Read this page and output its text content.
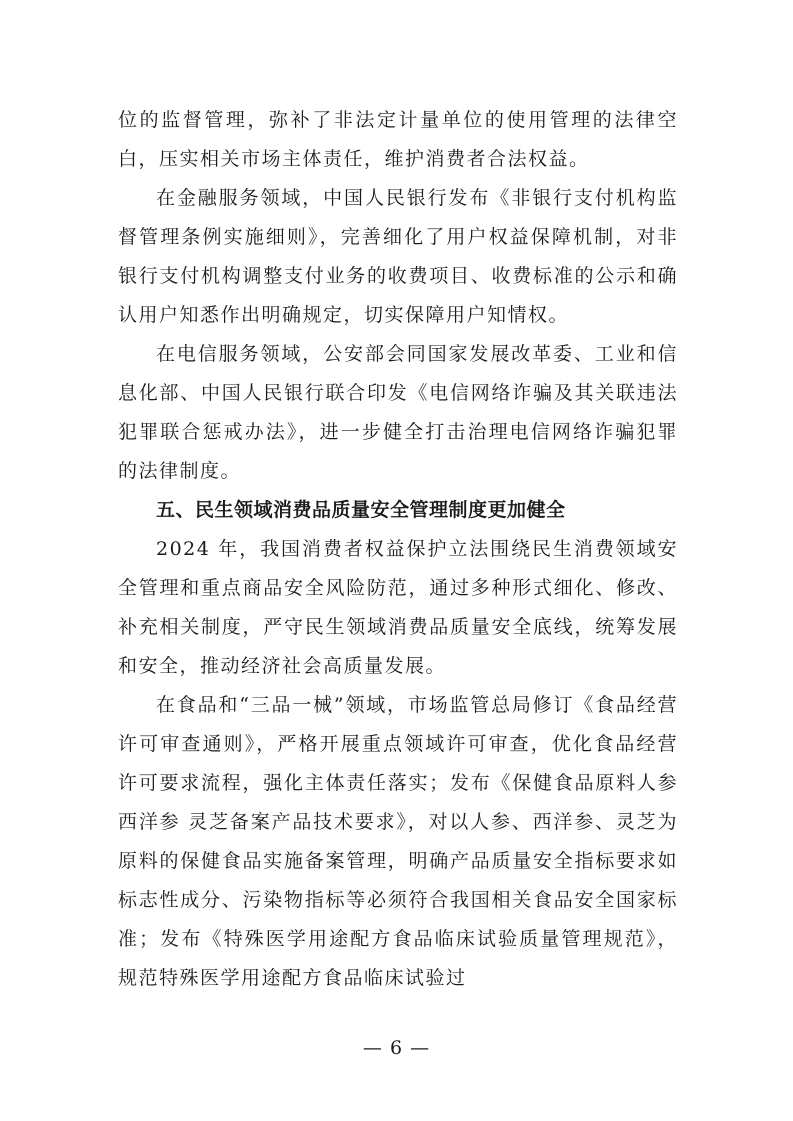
位的监督管理，弥补了非法定计量单位的使用管理的法律空白，压实相关市场主体责任，维护消费者合法权益。

在金融服务领域，中国人民银行发布《非银行支付机构监督管理条例实施细则》，完善细化了用户权益保障机制，对非银行支付机构调整支付业务的收费项目、收费标准的公示和确认用户知悉作出明确规定，切实保障用户知情权。

在电信服务领域，公安部会同国家发展改革委、工业和信息化部、中国人民银行联合印发《电信网络诈骗及其关联违法犯罪联合惩戒办法》，进一步健全打击治理电信网络诈骗犯罪的法律制度。

五、民生领域消费品质量安全管理制度更加健全

2024 年，我国消费者权益保护立法围绕民生消费领域安全管理和重点商品安全风险防范，通过多种形式细化、修改、补充相关制度，严守民生领域消费品质量安全底线，统筹发展和安全，推动经济社会高质量发展。

在食品和“三品一械”领域，市场监管总局修订《食品经营许可审查通则》，严格开展重点领域许可审查，优化食品经营许可要求流程，强化主体责任落实；发布《保健食品原料人参 西洋参 灵芝备案产品技术要求》，对以人参、西洋参、灵芝为原料的保健食品实施备案管理，明确产品质量安全指标要求如标志性成分、污染物指标等必须符合我国相关食品安全国家标准；发布《特殊医学用途配方食品临床试验质量管理规范》，规范特殊医学用途配方食品临床试验过

— 6 —
